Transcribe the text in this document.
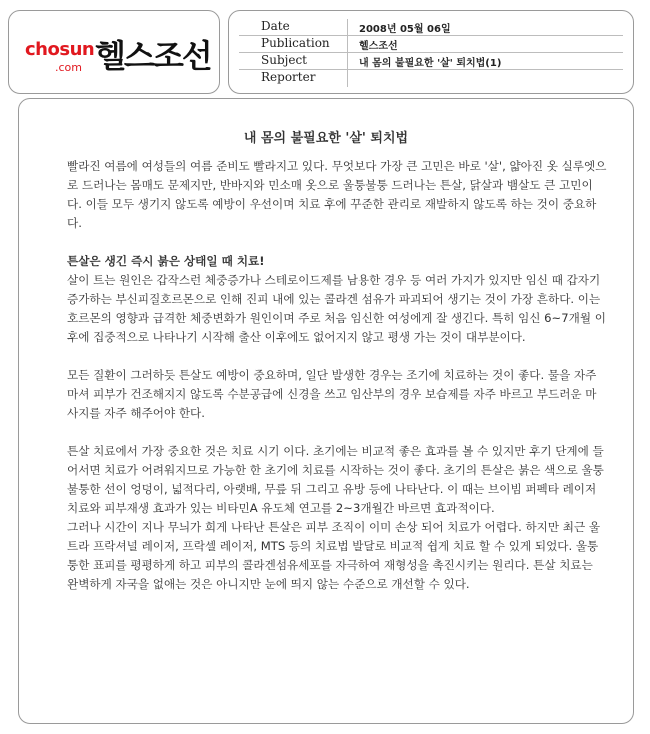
chosun
.com 헬스조선
Date	2008년 05월 06일
Publication	헬스조선
Subject	내 몸의 불필요한 '살' 퇴치법(1)
Reporter
내 몸의 불필요한 '살' 퇴치법

빨라진 여름에 여성들의 여름 준비도 빨라지고 있다. 무엇보다 가장 큰 고민은 바로 '살', 얇아진 옷 실루엣으로 드러나는 몸매도 문제지만, 반바지와 민소매 옷으로 울퉁불퉁 드러나는 튼살, 닭살과 뱀살도 큰 고민이다. 이들 모두 생기지 않도록 예방이 우선이며 치료 후에 꾸준한 관리로 재발하지 않도록 하는 것이 중요하다.

튼살은 생긴 즉시 붉은 상태일 때 치료!
살이 트는 원인은 갑작스런 체중증가나 스테로이드제를 남용한 경우 등 여러 가지가 있지만 임신 때 갑자기 증가하는 부신피질호르몬으로 인해 진피 내에 있는 콜라겐 섬유가 파괴되어 생기는 것이 가장 흔하다. 이는 호르몬의 영향과 급격한 체중변화가 원인이며 주로 처음 임신한 여성에게 잘 생긴다. 특히 임신 6~7개월 이후에 집중적으로 나타나기 시작해 출산 이후에도 없어지지 않고 평생 가는 것이 대부분이다.

모든 질환이 그러하듯 튼살도 예방이 중요하며, 일단 발생한 경우는 조기에 치료하는 것이 좋다. 물을 자주 마셔 피부가 건조해지지 않도록 수분공급에 신경을 쓰고 임산부의 경우 보습제를 자주 바르고 부드러운 마사지를 자주 해주어야 한다.

튼살 치료에서 가장 중요한 것은 치료 시기 이다. 초기에는 비교적 좋은 효과를 볼 수 있지만 후기 단계에 들어서면 치료가 어려워지므로 가능한 한 초기에 치료를 시작하는 것이 좋다. 초기의 튼살은 붉은 색으로 울퉁불퉁한 선이 엉덩이, 넓적다리, 아랫배, 무릎 뒤 그리고 유방 등에 나타난다. 이 때는 브이빔 퍼펙타 레이저 치료와 피부재생 효과가 있는 비타민A 유도체 연고를 2~3개월간 바르면 효과적이다.

그러나 시간이 지나 무늬가 희게 나타난 튼살은 피부 조직이 이미 손상 되어 치료가 어렵다. 하지만 최근 울트라 프락셔널 레이저, 프락셀 레이저, MTS 등의 치료법 발달로 비교적 쉽게 치료 할 수 있게 되었다. 울퉁퉁한 표피를 평평하게 하고 피부의 콜라겐섬유세포를 자극하여 재형성을 촉진시키는 원리다. 튼살 치료는 완벽하게 자국을 없애는 것은 아니지만 눈에 띄지 않는 수준으로 개선할 수 있다.
